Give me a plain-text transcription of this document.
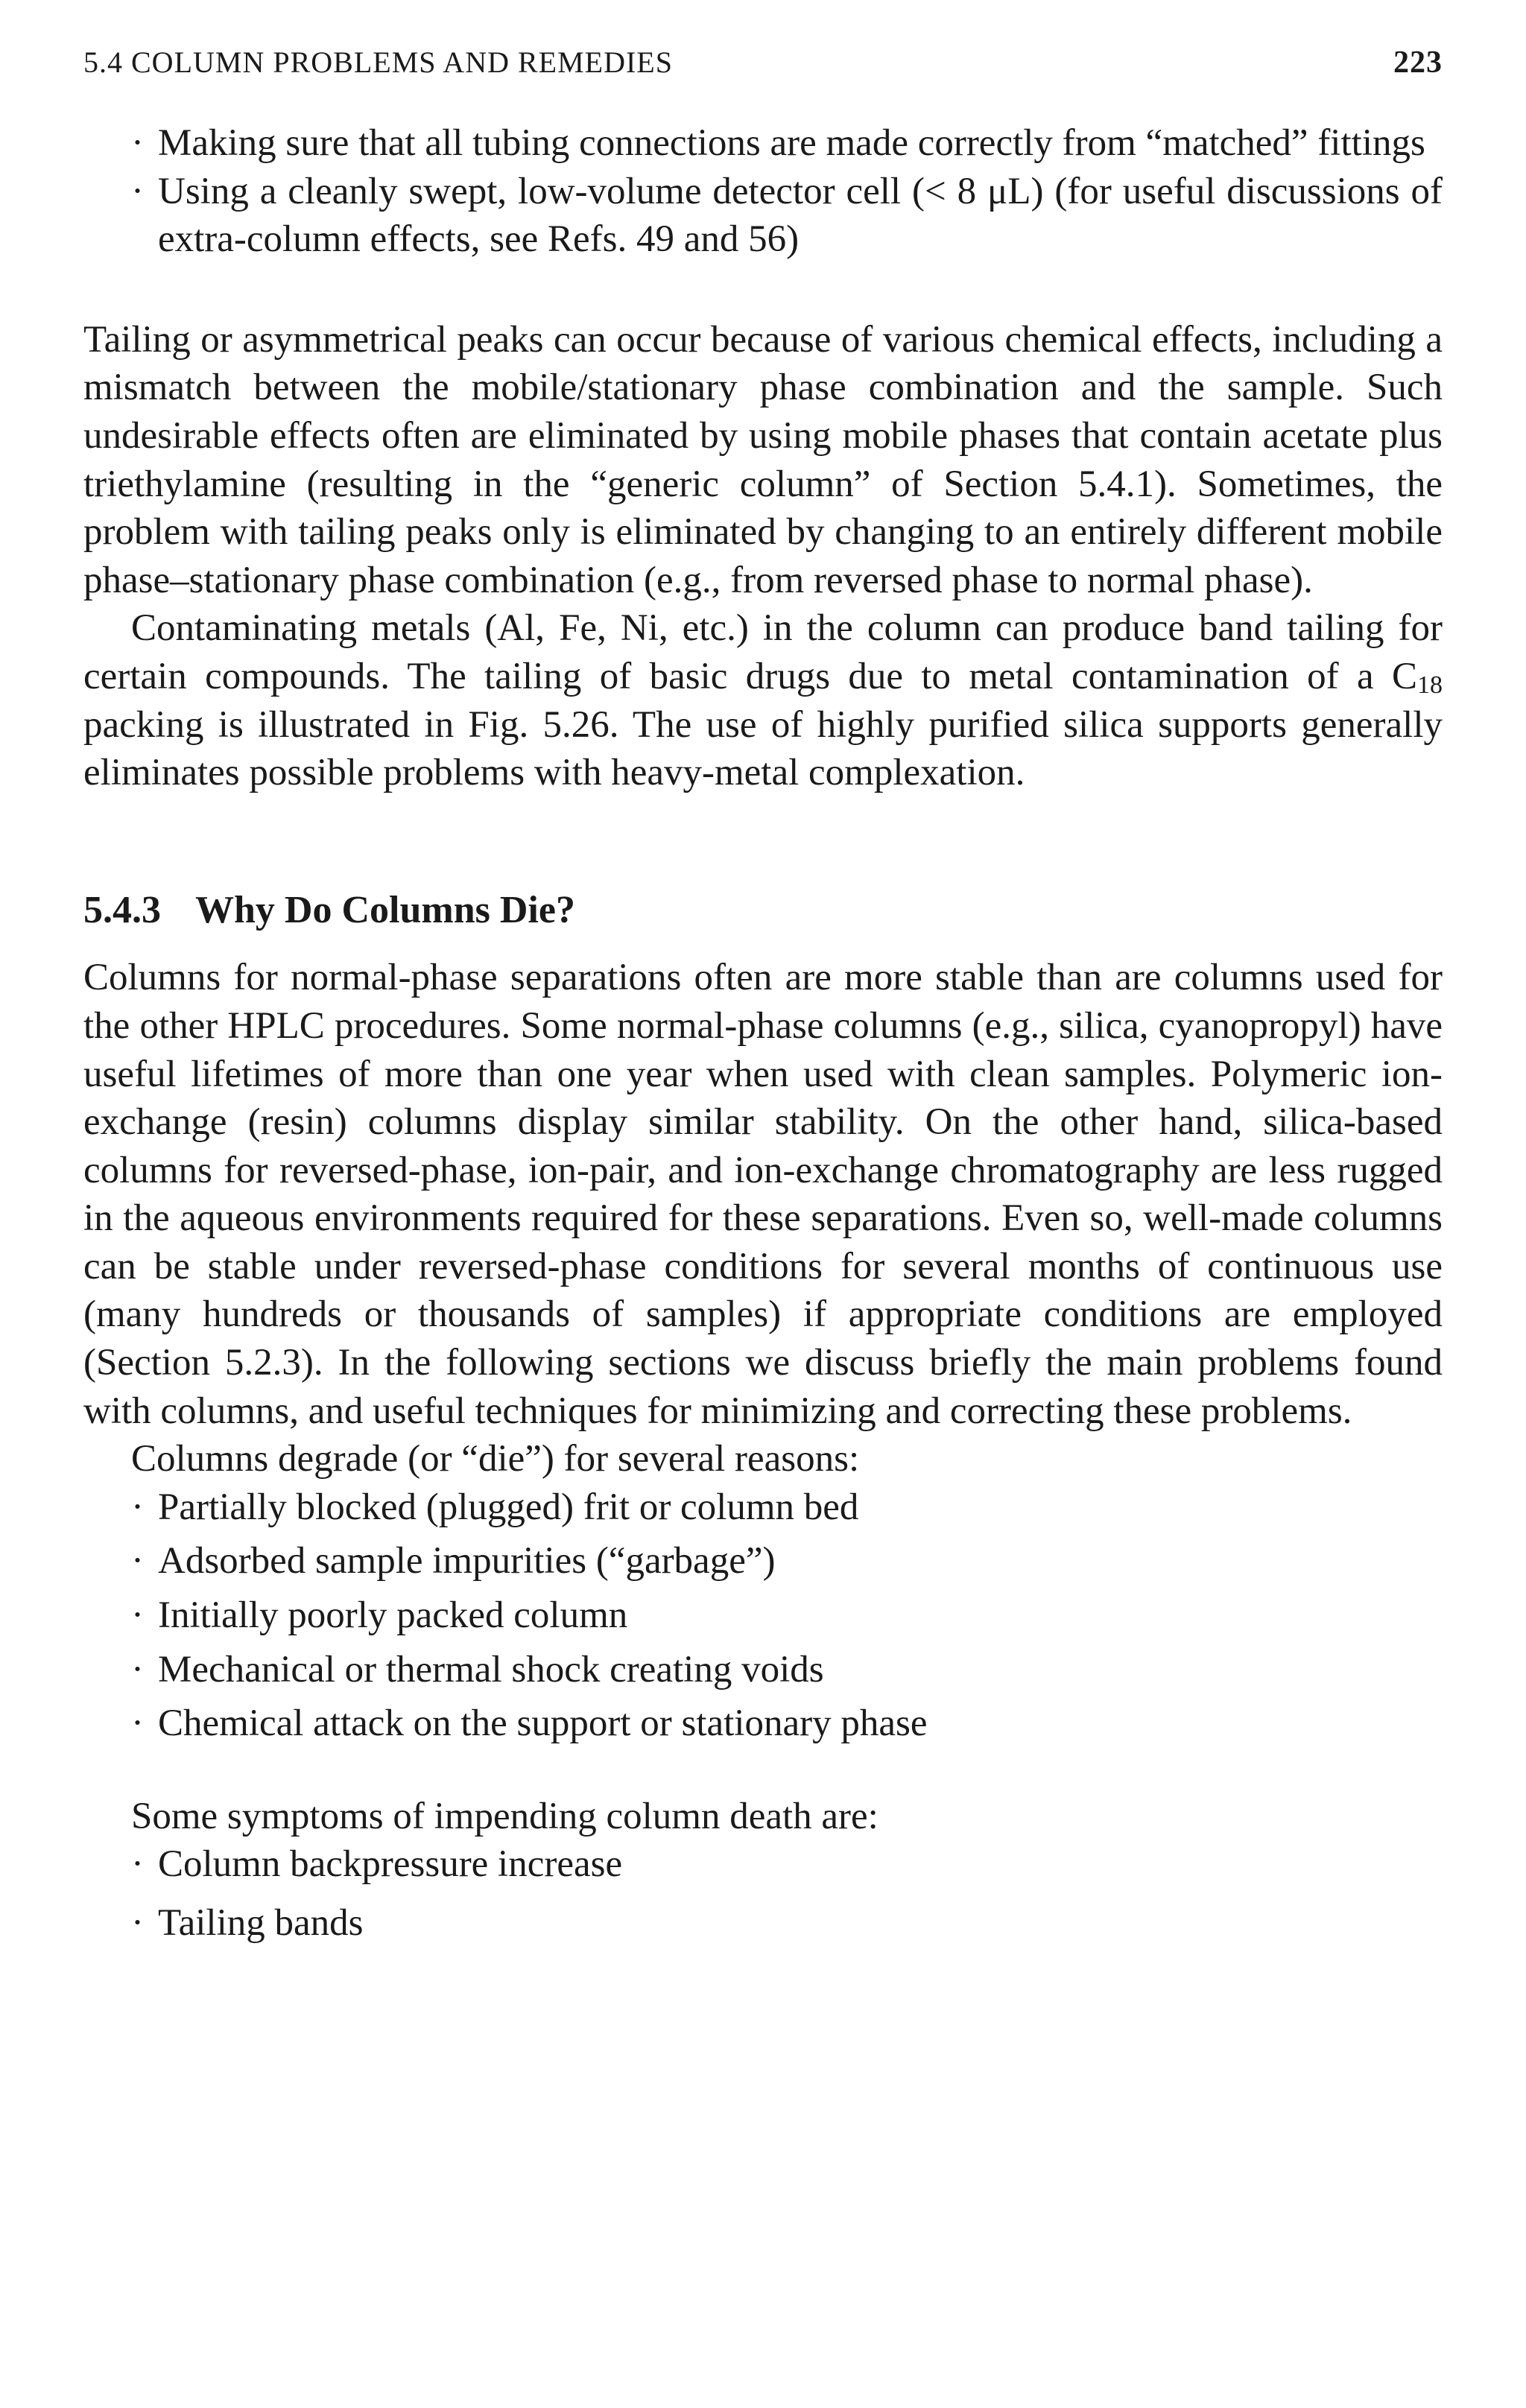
5.4 COLUMN PROBLEMS AND REMEDIES	223
· Making sure that all tubing connections are made correctly from “matched” fittings
· Using a cleanly swept, low-volume detector cell (< 8 μL) (for useful discussions of extra-column effects, see Refs. 49 and 56)

Tailing or asymmetrical peaks can occur because of various chemical effects, including a mismatch between the mobile/stationary phase combination and the sample. Such undesirable effects often are eliminated by using mobile phases that contain acetate plus triethylamine (resulting in the “generic column” of Section 5.4.1). Sometimes, the problem with tailing peaks only is eliminated by changing to an entirely different mobile phase–stationary phase combination (e.g., from reversed phase to normal phase).

Contaminating metals (Al, Fe, Ni, etc.) in the column can produce band tailing for certain compounds. The tailing of basic drugs due to metal contamination of a $C_{18}$ packing is illustrated in Fig. 5.26. The use of highly purified silica supports generally eliminates possible problems with heavy-metal complexation.

5.4.3 Why Do Columns Die?

Columns for normal-phase separations often are more stable than are columns used for the other HPLC procedures. Some normal-phase columns (e.g., silica, cyanopropyl) have useful lifetimes of more than one year when used with clean samples. Polymeric ion-exchange (resin) columns display similar stability. On the other hand, silica-based columns for reversed-phase, ion-pair, and ion-exchange chromatography are less rugged in the aqueous environments required for these separations. Even so, well-made columns can be stable under reversed-phase conditions for several months of continuous use (many hundreds or thousands of samples) if appropriate conditions are employed (Section 5.2.3). In the following sections we discuss briefly the main problems found with columns, and useful techniques for minimizing and correcting these problems.

Columns degrade (or “die”) for several reasons:

· Partially blocked (plugged) frit or column bed
· Adsorbed sample impurities (“garbage”)
· Initially poorly packed column
· Mechanical or thermal shock creating voids
· Chemical attack on the support or stationary phase

Some symptoms of impending column death are:

· Column backpressure increase
· Tailing bands
